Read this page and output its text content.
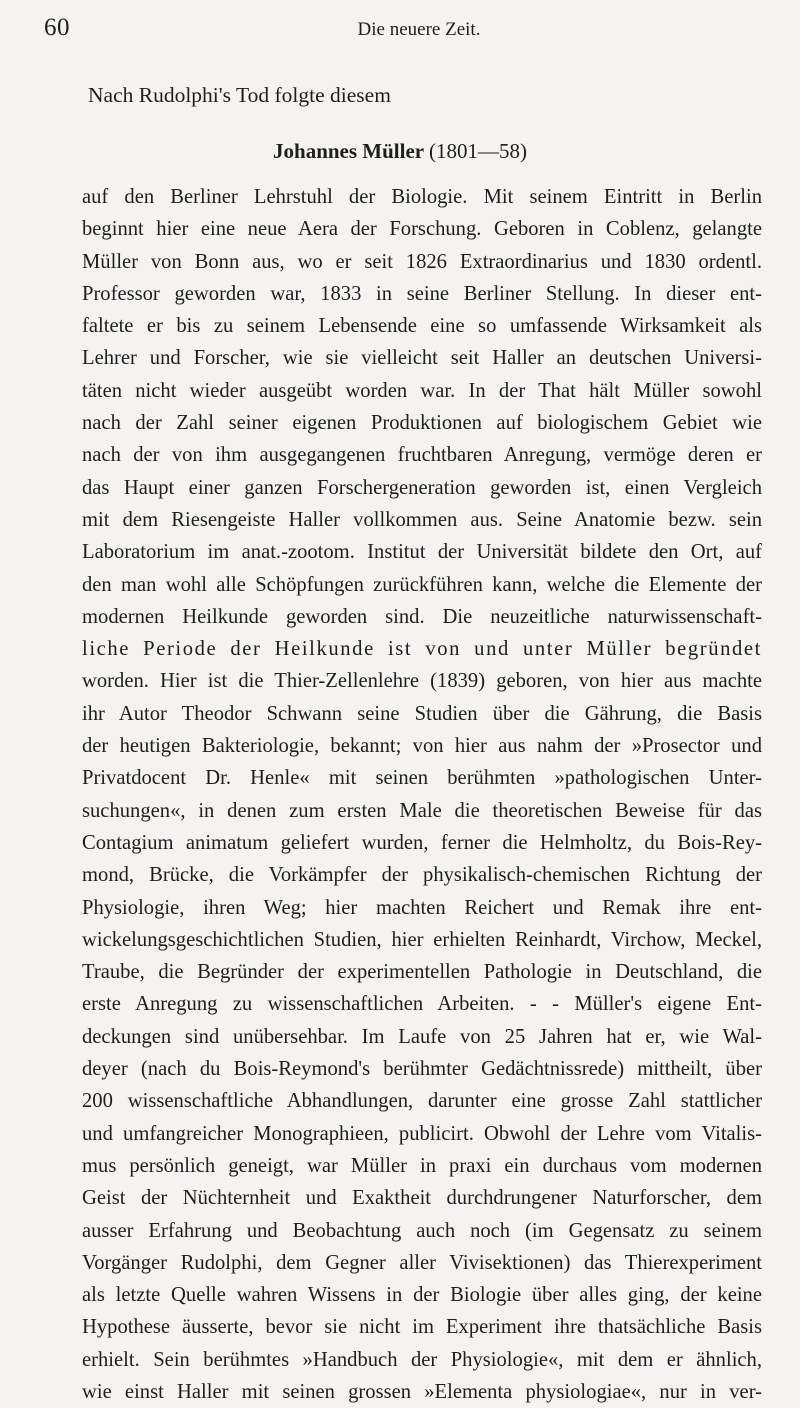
60	Die neuere Zeit.
Nach Rudolphi's Tod folgte diesem
Johannes Müller (1801—58)
auf den Berliner Lehrstuhl der Biologie. Mit seinem Eintritt in Berlin
beginnt hier eine neue Aera der Forschung. Geboren in Coblenz, gelangte
Müller von Bonn aus, wo er seit 1826 Extraordinarius und 1830 ordentl.
Professor geworden war, 1833 in seine Berliner Stellung. In dieser ent-
faltete er bis zu seinem Lebensende eine so umfassende Wirksamkeit als
Lehrer und Forscher, wie sie vielleicht seit Haller an deutschen Universi-
täten nicht wieder ausgeübt worden war. In der That hält Müller sowohl
nach der Zahl seiner eigenen Produktionen auf biologischem Gebiet wie
nach der von ihm ausgegangenen fruchtbaren Anregung, vermöge deren er
das Haupt einer ganzen Forschergeneration geworden ist, einen Vergleich
mit dem Riesengeiste Haller vollkommen aus. Seine Anatomie bezw. sein
Laboratorium im anat.-zootom. Institut der Universität bildete den Ort, auf
den man wohl alle Schöpfungen zurückführen kann, welche die Elemente der
modernen Heilkunde geworden sind. Die neuzeitliche naturwissenschaft-
liche Periode der Heilkunde ist von und unter Müller begründet
worden. Hier ist die Thier-Zellenlehre (1839) geboren, von hier aus machte
ihr Autor Theodor Schwann seine Studien über die Gährung, die Basis
der heutigen Bakteriologie, bekannt; von hier aus nahm der »Prosector und
Privatdocent Dr. Henle« mit seinen berühmten »pathologischen Unter-
suchungen«, in denen zum ersten Male die theoretischen Beweise für das
Contagium animatum geliefert wurden, ferner die Helmholtz, du Bois-Rey-
mond, Brücke, die Vorkämpfer der physikalisch-chemischen Richtung der
Physiologie, ihren Weg; hier machten Reichert und Remak ihre ent-
wickelungsgeschichtlichen Studien, hier erhielten Reinhardt, Virchow, Meckel,
Traube, die Begründer der experimentellen Pathologie in Deutschland, die
erste Anregung zu wissenschaftlichen Arbeiten. - - Müller's eigene Ent-
deckungen sind unübersehbar. Im Laufe von 25 Jahren hat er, wie Wal-
deyer (nach du Bois-Reymond's berühmter Gedächtnissrede) mittheilt, über
200 wissenschaftliche Abhandlungen, darunter eine grosse Zahl stattlicher
und umfangreicher Monographieen, publicirt. Obwohl der Lehre vom Vitalis-
mus persönlich geneigt, war Müller in praxi ein durchaus vom modernen
Geist der Nüchternheit und Exaktheit durchdrungener Naturforscher, dem
ausser Erfahrung und Beobachtung auch noch (im Gegensatz zu seinem
Vorgänger Rudolphi, dem Gegner aller Vivisektionen) das Thierexperiment
als letzte Quelle wahren Wissens in der Biologie über alles ging, der keine
Hypothese äusserte, bevor sie nicht im Experiment ihre thatsächliche Basis
erhielt. Sein berühmtes »Handbuch der Physiologie«, mit dem er ähnlich,
wie einst Haller mit seinen grossen »Elementa physiologiae«, nur in ver-
